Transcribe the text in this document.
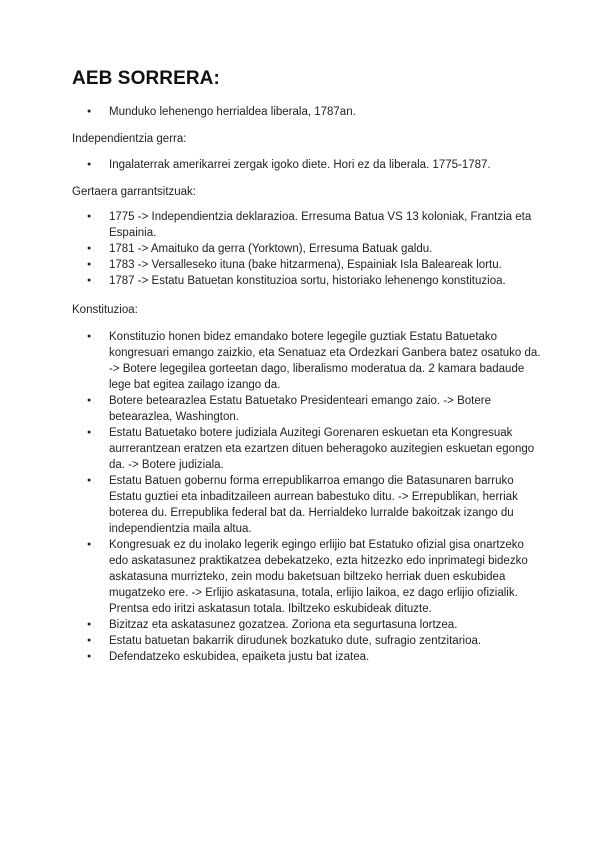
AEB SORRERA:
● Munduko lehenengo herrialdea liberala, 1787an.

Independientzia gerra:

● Ingalaterrak amerikarrei zergak igoko diete. Hori ez da liberala. 1775-1787.

Gertaera garrantsitzuak:

● 1775 -> Independientzia deklarazioa. Erresuma Batua VS 13 koloniak, Frantzia eta Espainia.
● 1781 -> Amaituko da gerra (Yorktown), Erresuma Batuak galdu.
● 1783 -> Versalleseko ituna (bake hitzarmena), Espainiak Isla Baleareak lortu.
● 1787 -> Estatu Batuetan konstituzioa sortu, historiako lehenengo konstituzioa.

Konstituzioa:

● Konstituzio honen bidez emandako botere legegile guztiak Estatu Batuetako kongresuari emango zaizkio, eta Senatuaz eta Ordezkari Ganbera batez osatuko da. -> Botere legegilea gorteetan dago, liberalismo moderatua da. 2 kamara badaude lege bat egitea zailago izango da.
● Botere betearazlea Estatu Batuetako Presidenteari emango zaio. -> Botere betearazlea, Washington.
● Estatu Batuetako botere judiziala Auzitegi Gorenaren eskuetan eta Kongresuak aurrerantzean eratzen eta ezartzen dituen beheragoko auzitegien eskuetan egongo da. -> Botere judiziala.
● Estatu Batuen gobernu forma errepublikarroa emango die Batasunaren barruko Estatu guztiei eta inbaditzaileen aurrean babestuko ditu. -> Errepublikan, herriak boterea du. Errepublika federal bat da. Herrialdeko lurralde bakoitzak izango du independientzia maila altua.
● Kongresuak ez du inolako legerik egingo erlijio bat Estatuko ofizial gisa onartzeko edo askatasunez praktikatzea debekatzeko, ezta hitzezko edo inprimategi bidezko askatasuna murrizteko, zein modu baketsuan biltzeko herriak duen eskubidea mugatzeko ere. -> Erlijio askatasuna, totala, erlijio laikoa, ez dago erlijio ofizialik. Prentsa edo iritzi askatasun totala. Ibiltzeko eskubideak dituzte.
● Bizitzaz eta askatasunez gozatzea. Zoriona eta segurtasuna lortzea.
● Estatu batuetan bakarrik dirudunek bozkatuko dute, sufragio zentzitarioa.
● Defendatzeko eskubidea, epaiketa justu bat izatea.
